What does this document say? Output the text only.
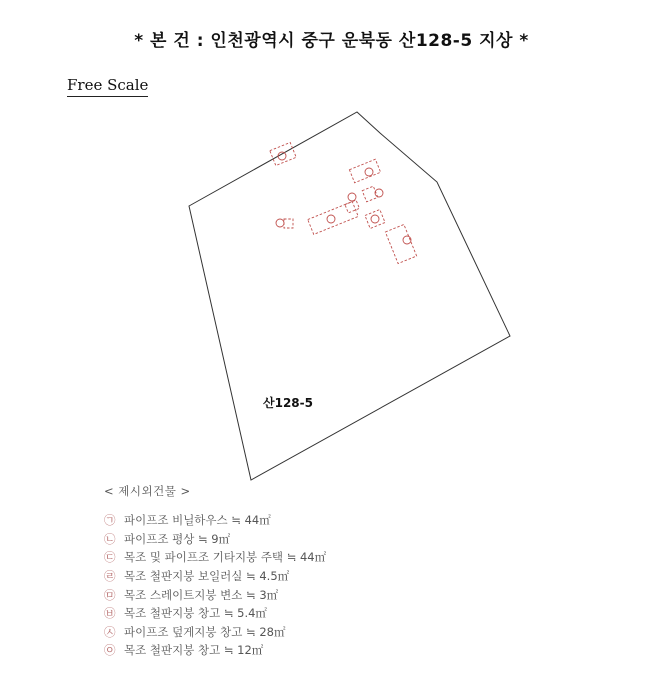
* 본 건 : 인천광역시 중구 운북동 산128-5 지상 *
Free Scale
산128-5
< 제시외건물 >
㉠ 파이프조 비닐하우스 ≒ 44㎡
㉡ 파이프조 평상 ≒ 9㎡
㉢ 목조 및 파이프조 기타지붕 주택 ≒ 44㎡
㉣ 목조 철판지붕 보일러실 ≒ 4.5㎡
㉤ 목조 스레이트지붕 변소 ≒ 3㎡
㉥ 목조 철판지붕 창고 ≒ 5.4㎡
㉦ 파이프조 덮게지붕 창고 ≒ 28㎡
㉧ 목조 철판지붕 창고 ≒ 12㎡
